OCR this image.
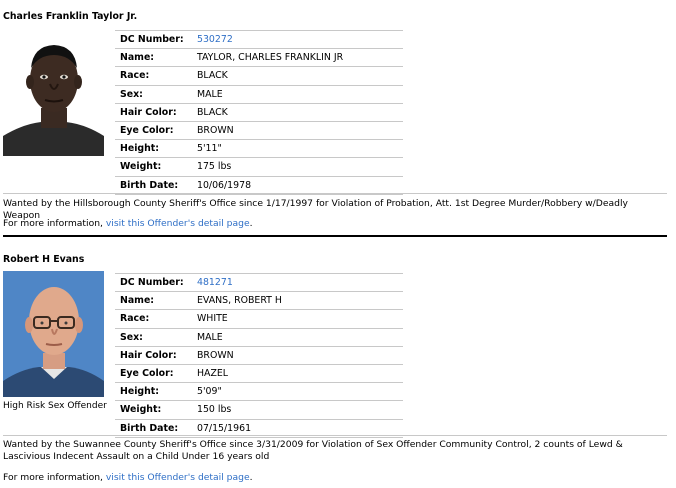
Charles Franklin Taylor Jr.
DC Number:	530272
Name:	TAYLOR, CHARLES FRANKLIN JR
Race:	BLACK
Sex:	MALE
Hair Color:	BLACK
Eye Color:	BROWN
Height:	5'11"
Weight:	175 lbs
Birth Date:	10/06/1978
Wanted by the Hillsborough County Sheriff's Office since 1/17/1997 for Violation of Probation, Att. 1st Degree Murder/Robbery w/Deadly Weapon
For more information, visit this Offender's detail page.
Robert H Evans
High Risk Sex Offender
DC Number:	481271
Name:	EVANS, ROBERT H
Race:	WHITE
Sex:	MALE
Hair Color:	BROWN
Eye Color:	HAZEL
Height:	5'09"
Weight:	150 lbs
Birth Date:	07/15/1961
Wanted by the Suwannee County Sheriff's Office since 3/31/2009 for Violation of Sex Offender Community Control, 2 counts of Lewd & Lascivious Indecent Assault on a Child Under 16 years old
For more information, visit this Offender's detail page.
